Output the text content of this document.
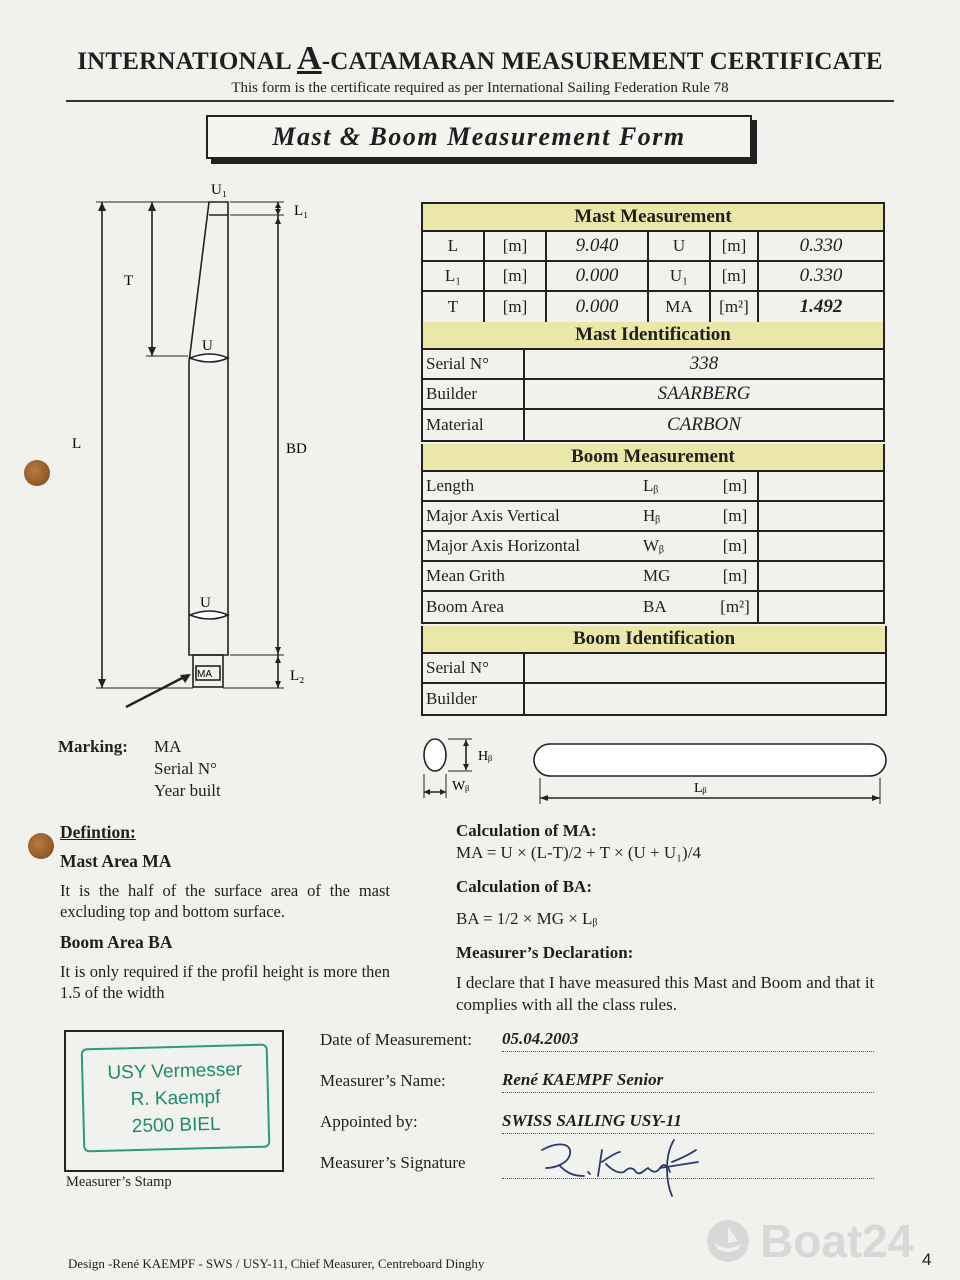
INTERNATIONAL A-CATAMARAN MEASUREMENT CERTIFICATE
This form is the certificate required as per International Sailing Federation Rule 78
Mast & Boom Measurement Form
U₁
L₁
T
U
L	BD
U
MA	L₂
Mast Measurement
L	[m]	9.040	U	[m]	0.330
L₁	[m]	0.000	U₁	[m]	0.330
T	[m]	0.000	MA	[m²]	1.492
Mast Identification
Serial N°	338
Builder	SAARBERG
Material	CARBON
Boom Measurement
Length	Lᵦ	[m]
Major Axis Vertical	Hᵦ	[m]
Major Axis Horizontal	Wᵦ	[m]
Mean Grith	MG	[m]
Boom Area	BA	[m²]
Boom Identification
Serial N°
Builder
Marking: MA
Serial N°
Year built
Hᵦ
Wᵦ	Lᵦ
Defintion:
Mast Area MA
It is the half of the surface area of the mast excluding top and bottom surface.
Boom Area BA
It is only required if the profil height is more then 1.5 of the width
Calculation of MA:
MA = U × (L-T)/2 + T × (U + U₁)/4
Calculation of BA:
BA = 1/2 × MG × Lᵦ
Measurer’s Declaration:
I declare that I have measured this Mast and Boom and that it complies with all the class rules.
USY Vermesser
R. Kaempf
2500 BIEL
Measurer’s Stamp
Date of Measurement: 05.04.2003
Measurer’s Name:	René KAEMPF Senior
Appointed by:	SWISS SAILING USY-11
Measurer’s Signature
Design -René KAEMPF - SWS / USY-11, Chief Measurer, Centreboard Dinghy	Boat24 4
